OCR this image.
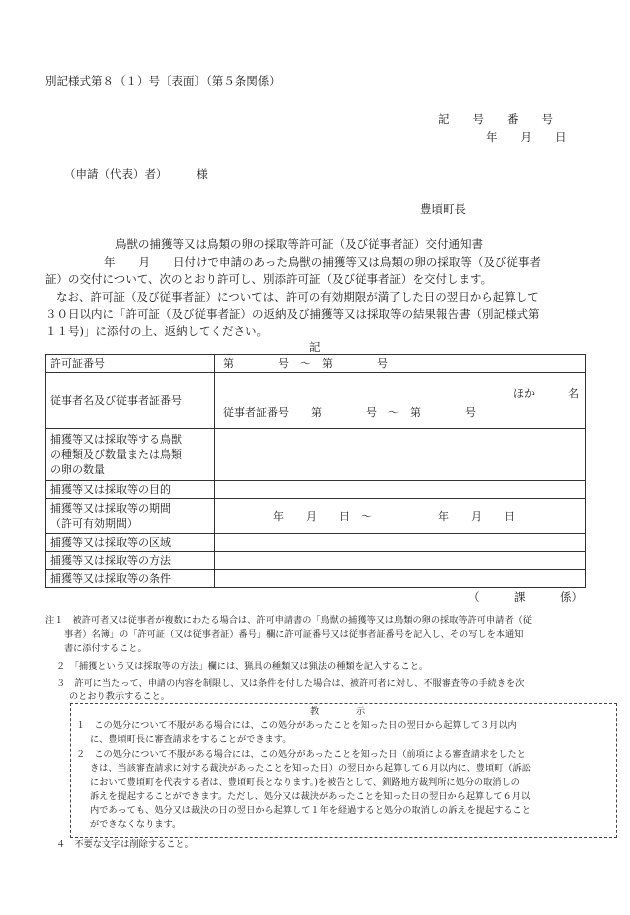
別記様式第８（１）号〔表面〕（第５条関係）
記　　号　　番　　号
年　　月　　日
（申請（代表）者）　　　様
豊頃町長
鳥獣の捕獲等又は鳥類の卵の採取等許可証（及び従事者証）交付通知書
年　　月　　日付けで申請のあった鳥獣の捕獲等又は鳥類の卵の採取等（及び従事者
証）の交付について、次のとおり許可し、別添許可証（及び従事者証）を交付します。
なお、許可証（及び従事者証）については、許可の有効期限が満了した日の翌日から起算して
３０日以内に「許可証（及び従事者証）の返納及び捕獲等又は採取等の結果報告書（別記様式第
１１号)」に添付の上、返納してください。
記
許可証番号	第　　　　号　～　第　　　　号
従事者名及び従事者証番号	ほか　　　名
従事者証番号　　第　　　　号　～　第　　　　号

捕獲等又は採取等する鳥獣
の種類及び数量または鳥類
の卵の数量	

捕獲等又は採取等の目的	

捕獲等又は採取等の期間
（許可有効期間）	年　　月　　日　～　　　　　　年　　月　　日
捕獲等又は採取等の区域	
捕獲等又は採取等の方法	
捕獲等又は採取等の条件	
（　　　課　　　係）
注１　被許可者又は従事者が複数にわたる場合は、許可申請書の「鳥獣の捕獲等又は鳥類の卵の採取等許可申請者（従
事者）名簿」の「許可証（又は従事者証）番号」欄に許可証番号又は従事者証番号を記入し、その写しを本通知
書に添付すること。
２　「捕獲という又は採取等の方法」欄には、猟具の種類又は猟法の種類を記入すること。
３　許可に当たって、申請の内容を制限し、又は条件を付した場合は、被許可者に対し、不服審査等の手続きを次
のとおり教示すること。
教　　　　示
１　この処分について不服がある場合には、この処分があったことを知った日の翌日から起算して３月以内
に、豊頃町長に審査請求をすることができます。
２　この処分について不服がある場合には、この処分があったことを知った日（前項による審査請求をしたと
きは、当該審査請求に対する裁決があったことを知った日）の翌日から起算して６月以内に、豊頃町（訴訟
において豊頃町を代表する者は、豊頃町長となります。)を被告として、釧路地方裁判所に処分の取消しの
訴えを提起することができます。ただし、処分又は裁決があったことを知った日の翌日から起算して６月以
内であっても、処分又は裁決の日の翌日から起算して１年を経過すると処分の取消しの訴えを提起すること
ができなくなります。
４　不要な文字は削除すること。
